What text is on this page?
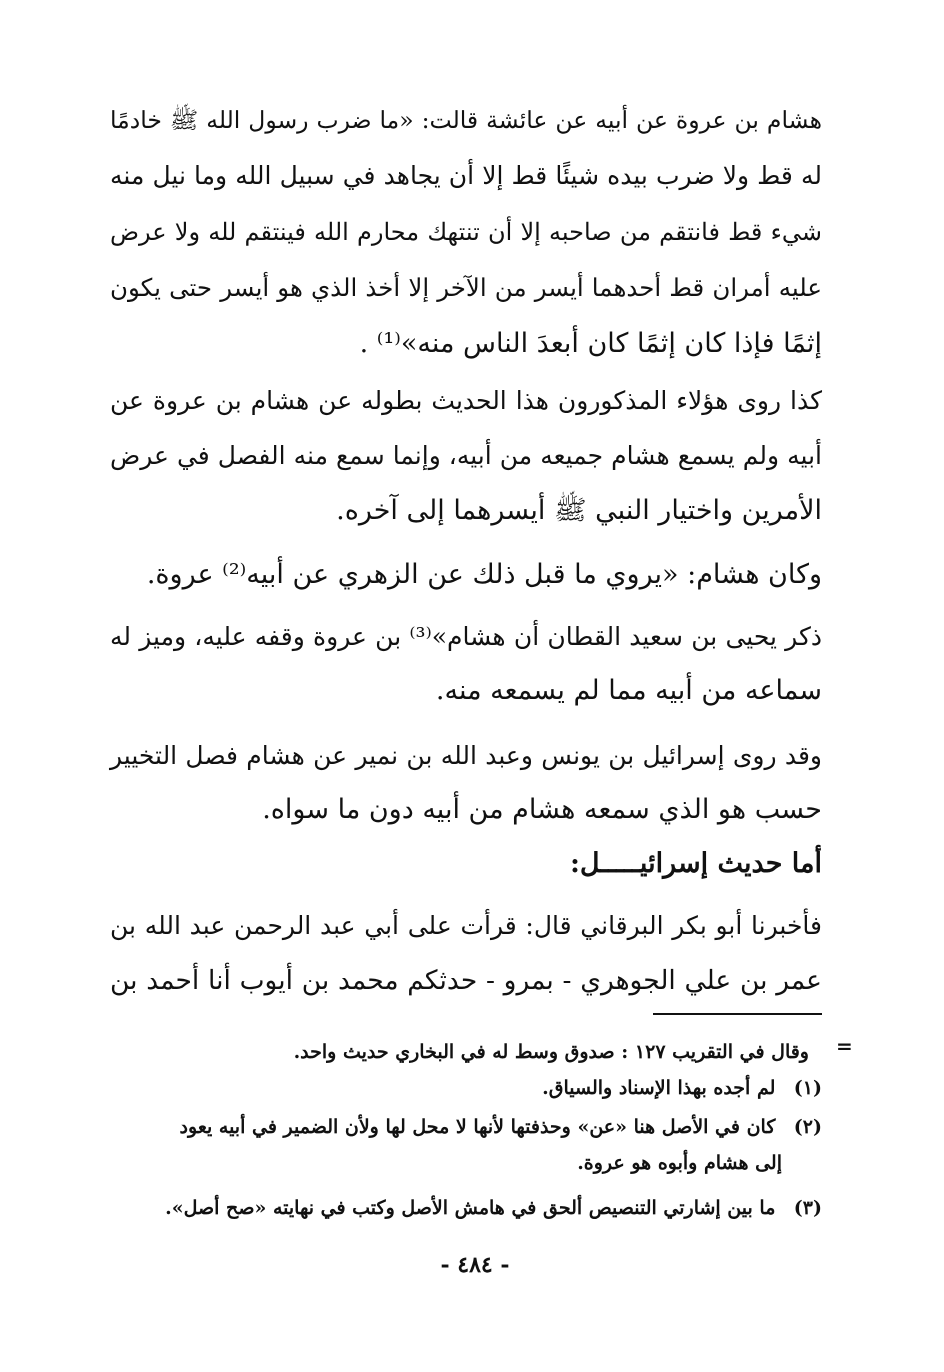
هشام بن عروة عن أبيه عن عائشة قالت: «ما ضرب رسول الله ﷺ خادمًا
له قط ولا ضرب بيده شيئًا قط إلا أن يجاهد في سبيل الله وما نيل منه
شيء قط فانتقم من صاحبه إلا أن تنتهك محارم الله فينتقم لله ولا عرض
عليه أمران قط أحدهما أيسر من الآخر إلا أخذ الذي هو أيسر حتى يكون
إثمًا فإذا كان إثمًا كان أبعدَ الناس منه»⁽¹⁾ .
كذا روى هؤلاء المذكورون هذا الحديث بطوله عن هشام بن عروة عن
أبيه ولم يسمع هشام جميعه من أبيه، وإنما سمع منه الفصل في عرض
الأمرين واختيار النبي ﷺ أيسرهما إلى آخره.
وكان هشام: «يروي ما قبل ذلك عن الزهري عن أبيه⁽²⁾ عروة.
ذكر يحيى بن سعيد القطان أن هشام»⁽³⁾ بن عروة وقفه عليه، وميز له
سماعه من أبيه مما لم يسمعه منه.
وقد روى إسرائيل بن يونس وعبد الله بن نمير عن هشام فصل التخيير
حسب هو الذي سمعه هشام من أبيه دون ما سواه.
أما حديث إسرائيـــــل:
فأخبرنا أبو بكر البرقاني قال: قرأت على أبي عبد الرحمن عبد الله بن
عمر بن علي الجوهري - بمرو - حدثكم محمد بن أيوب أنا أحمد بن
=
وقال في التقريب ١٢٧ : صدوق وسط له في البخاري حديث واحد.
(١) لم أجده بهذا الإسناد والسياق.
(٢) كان في الأصل هنا «عن» وحذفتها لأنها لا محل لها ولأن الضمير في أبيه يعود
إلى هشام وأبوه هو عروة.
(٣) ما بين إشارتي التنصيص ألحق في هامش الأصل وكتب في نهايته «صح أصل».
- ٤٨٤ -
